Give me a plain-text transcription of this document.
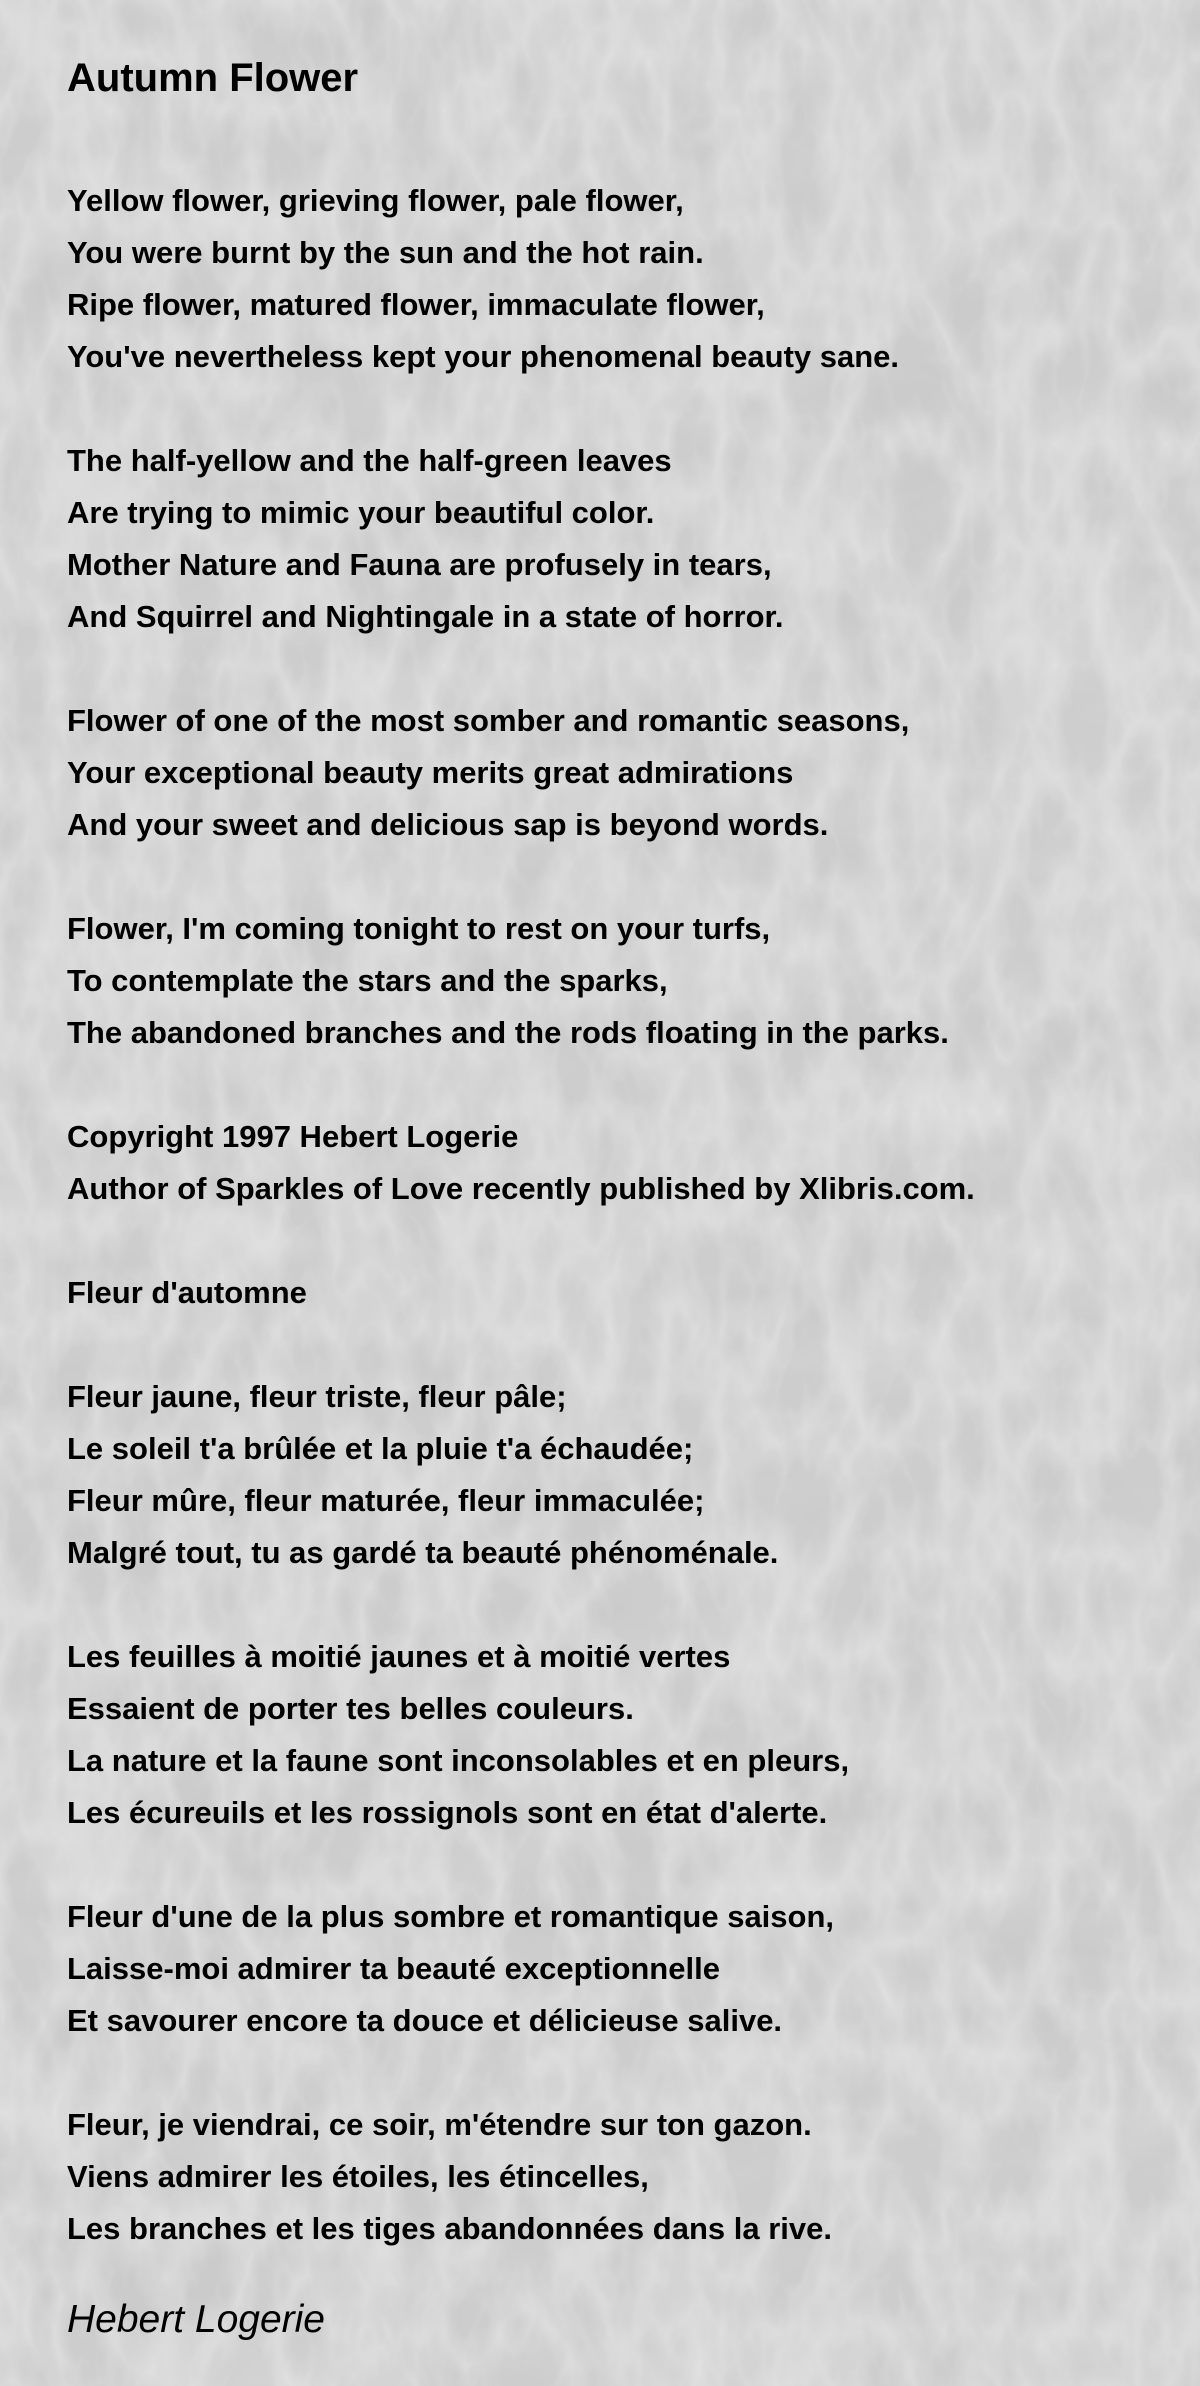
Autumn Flower
Yellow flower, grieving flower, pale flower,
You were burnt by the sun and the hot rain.
Ripe flower, matured flower, immaculate flower,
You've nevertheless kept your phenomenal beauty sane.
The half-yellow and the half-green leaves
Are trying to mimic your beautiful color.
Mother Nature and Fauna are profusely in tears,
And Squirrel and Nightingale in a state of horror.
Flower of one of the most somber and romantic seasons,
Your exceptional beauty merits great admirations
And your sweet and delicious sap is beyond words.
Flower, I'm coming tonight to rest on your turfs,
To contemplate the stars and the sparks,
The abandoned branches and the rods floating in the parks.
Copyright 1997 Hebert Logerie
Author of Sparkles of Love recently published by Xlibris.com.
Fleur d'automne
Fleur jaune, fleur triste, fleur pâle;
Le soleil t'a brûlée et la pluie t'a échaudée;
Fleur mûre, fleur maturée, fleur immaculée;
Malgré tout, tu as gardé ta beauté phénoménale.
Les feuilles à moitié jaunes et à moitié vertes
Essaient de porter tes belles couleurs.
La nature et la faune sont inconsolables et en pleurs,
Les écureuils et les rossignols sont en état d'alerte.
Fleur d'une de la plus sombre et romantique saison,
Laisse-moi admirer ta beauté exceptionnelle
Et savourer encore ta douce et délicieuse salive.
Fleur, je viendrai, ce soir, m'étendre sur ton gazon.
Viens admirer les étoiles, les étincelles,
Les branches et les tiges abandonnées dans la rive.
Hebert Logerie
